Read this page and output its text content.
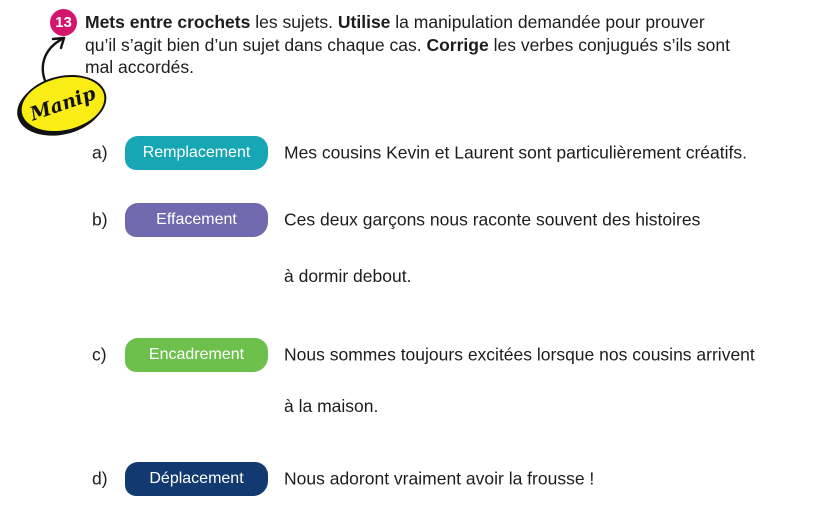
13 Mets entre crochets les sujets. Utilise la manipulation demandée pour prouver
qu’il s’agit bien d’un sujet dans chaque cas. Corrige les verbes conjugués s’ils sont
mal accordés.
Manip
a)	Remplacement	Mes cousins Kevin et Laurent sont particulièrement créatifs.
b)	Effacement	Ces deux garçons nous raconte souvent des histoires
à dormir debout.
c)	Encadrement	Nous sommes toujours excitées lorsque nos cousins arrivent
à la maison.
d)	Déplacement	Nous adoront vraiment avoir la frousse !
